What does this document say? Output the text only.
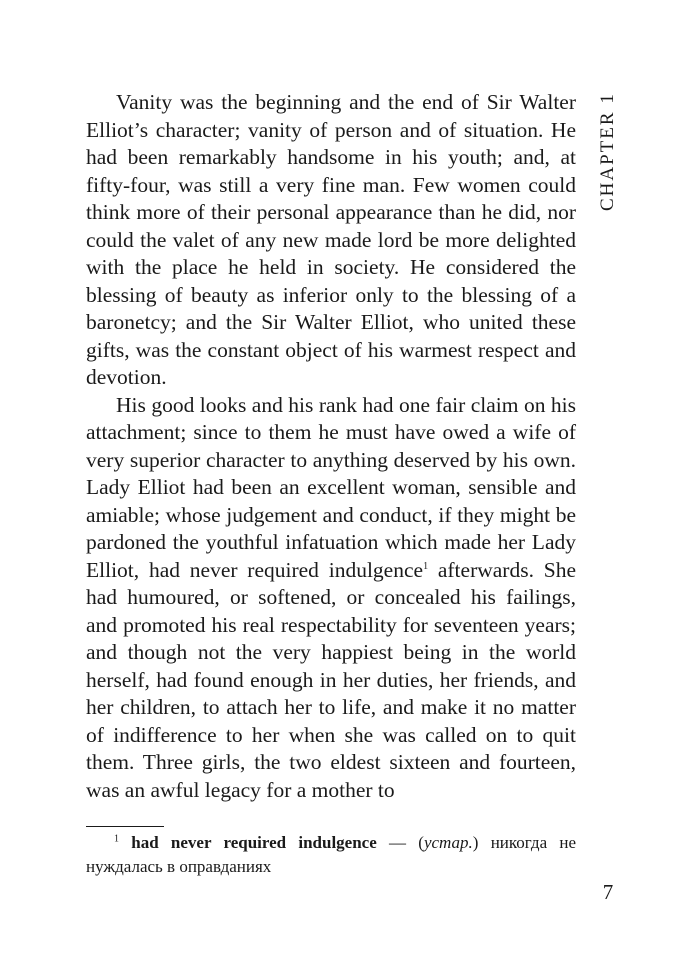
Vanity was the beginning and the end of Sir Walter Elliot’s character; vanity of person and of situation. He had been remarkably handsome in his youth; and, at fifty-four, was still a very fine man. Few women could think more of their personal appearance than he did, nor could the valet of any new made lord be more delighted with the place he held in society. He considered the blessing of beauty as inferior only to the blessing of a baronetcy; and the Sir Walter Elliot, who united these gifts, was the constant object of his warmest respect and devotion.

His good looks and his rank had one fair claim on his attachment; since to them he must have owed a wife of very superior character to anything deserved by his own. Lady Elliot had been an excellent woman, sensible and amiable; whose judgement and conduct, if they might be pardoned the youthful infatuation which made her Lady Elliot, had never required indulgence$^1$ afterwards. She had humoured, or softened, or concealed his failings, and promoted his real respectability for seventeen years; and though not the very happiest being in the world herself, had found enough in her duties, her friends, and her children, to attach her to life, and make it no matter of indifference to her when she was called on to quit them. Three girls, the two eldest sixteen and fourteen, was an awful legacy for a mother to

$^1$ had never required indulgence — (устар.) никогда не нуждалась в оправданиях

CHAPTER 1
7
